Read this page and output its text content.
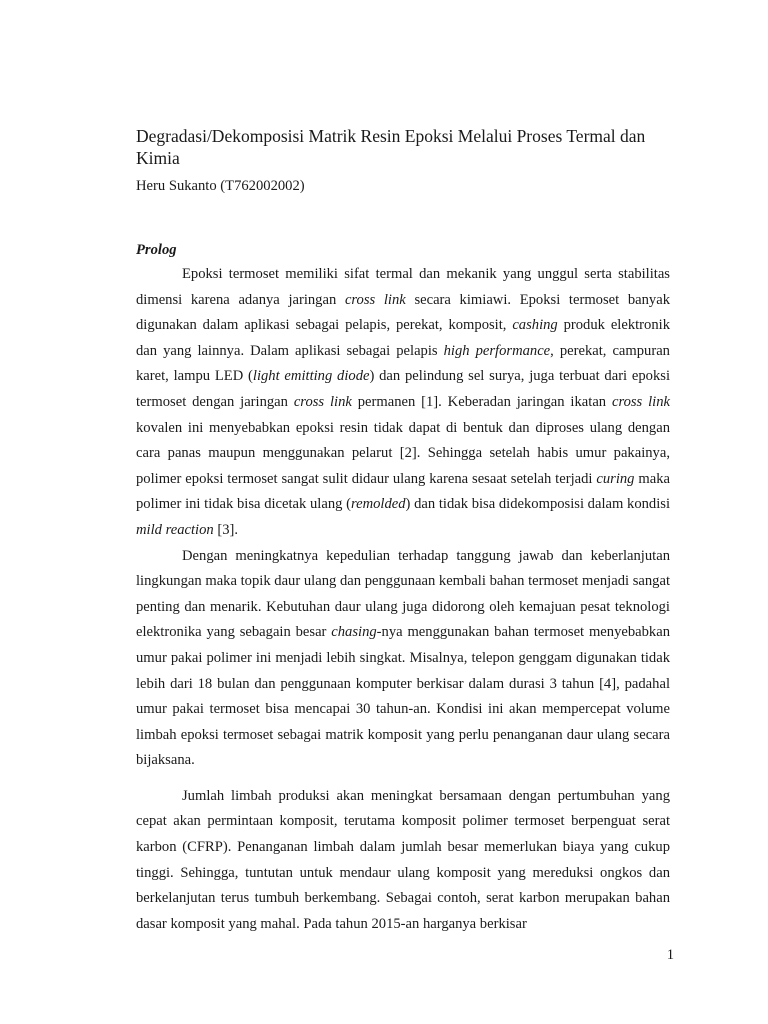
Degradasi/Dekomposisi Matrik Resin Epoksi Melalui Proses Termal dan Kimia
Heru Sukanto (T762002002)
Prolog

Epoksi termoset memiliki sifat termal dan mekanik yang unggul serta stabilitas dimensi karena adanya jaringan cross link secara kimiawi. Epoksi termoset banyak digunakan dalam aplikasi sebagai pelapis, perekat, komposit, cashing produk elektronik dan yang lainnya. Dalam aplikasi sebagai pelapis high performance, perekat, campuran karet, lampu LED (light emitting diode) dan pelindung sel surya, juga terbuat dari epoksi termoset dengan jaringan cross link permanen [1]. Keberadan jaringan ikatan cross link kovalen ini menyebabkan epoksi resin tidak dapat di bentuk dan diproses ulang dengan cara panas maupun menggunakan pelarut [2]. Sehingga setelah habis umur pakainya, polimer epoksi termoset sangat sulit didaur ulang karena sesaat setelah terjadi curing maka polimer ini tidak bisa dicetak ulang (remolded) dan tidak bisa didekomposisi dalam kondisi mild reaction [3].

Dengan meningkatnya kepedulian terhadap tanggung jawab dan keberlanjutan lingkungan maka topik daur ulang dan penggunaan kembali bahan termoset menjadi sangat penting dan menarik. Kebutuhan daur ulang juga didorong oleh kemajuan pesat teknologi elektronika yang sebagain besar chasing-nya menggunakan bahan termoset menyebabkan umur pakai polimer ini menjadi lebih singkat. Misalnya, telepon genggam digunakan tidak lebih dari 18 bulan dan penggunaan komputer berkisar dalam durasi 3 tahun [4], padahal umur pakai termoset bisa mencapai 30 tahun-an. Kondisi ini akan mempercepat volume limbah epoksi termoset sebagai matrik komposit yang perlu penanganan daur ulang secara bijaksana.

Jumlah limbah produksi akan meningkat bersamaan dengan pertumbuhan yang cepat akan permintaan komposit, terutama komposit polimer termoset berpenguat serat karbon (CFRP). Penanganan limbah dalam jumlah besar memerlukan biaya yang cukup tinggi. Sehingga, tuntutan untuk mendaur ulang komposit yang mereduksi ongkos dan berkelanjutan terus tumbuh berkembang. Sebagai contoh, serat karbon merupakan bahan dasar komposit yang mahal. Pada tahun 2015-an harganya berkisar

1
